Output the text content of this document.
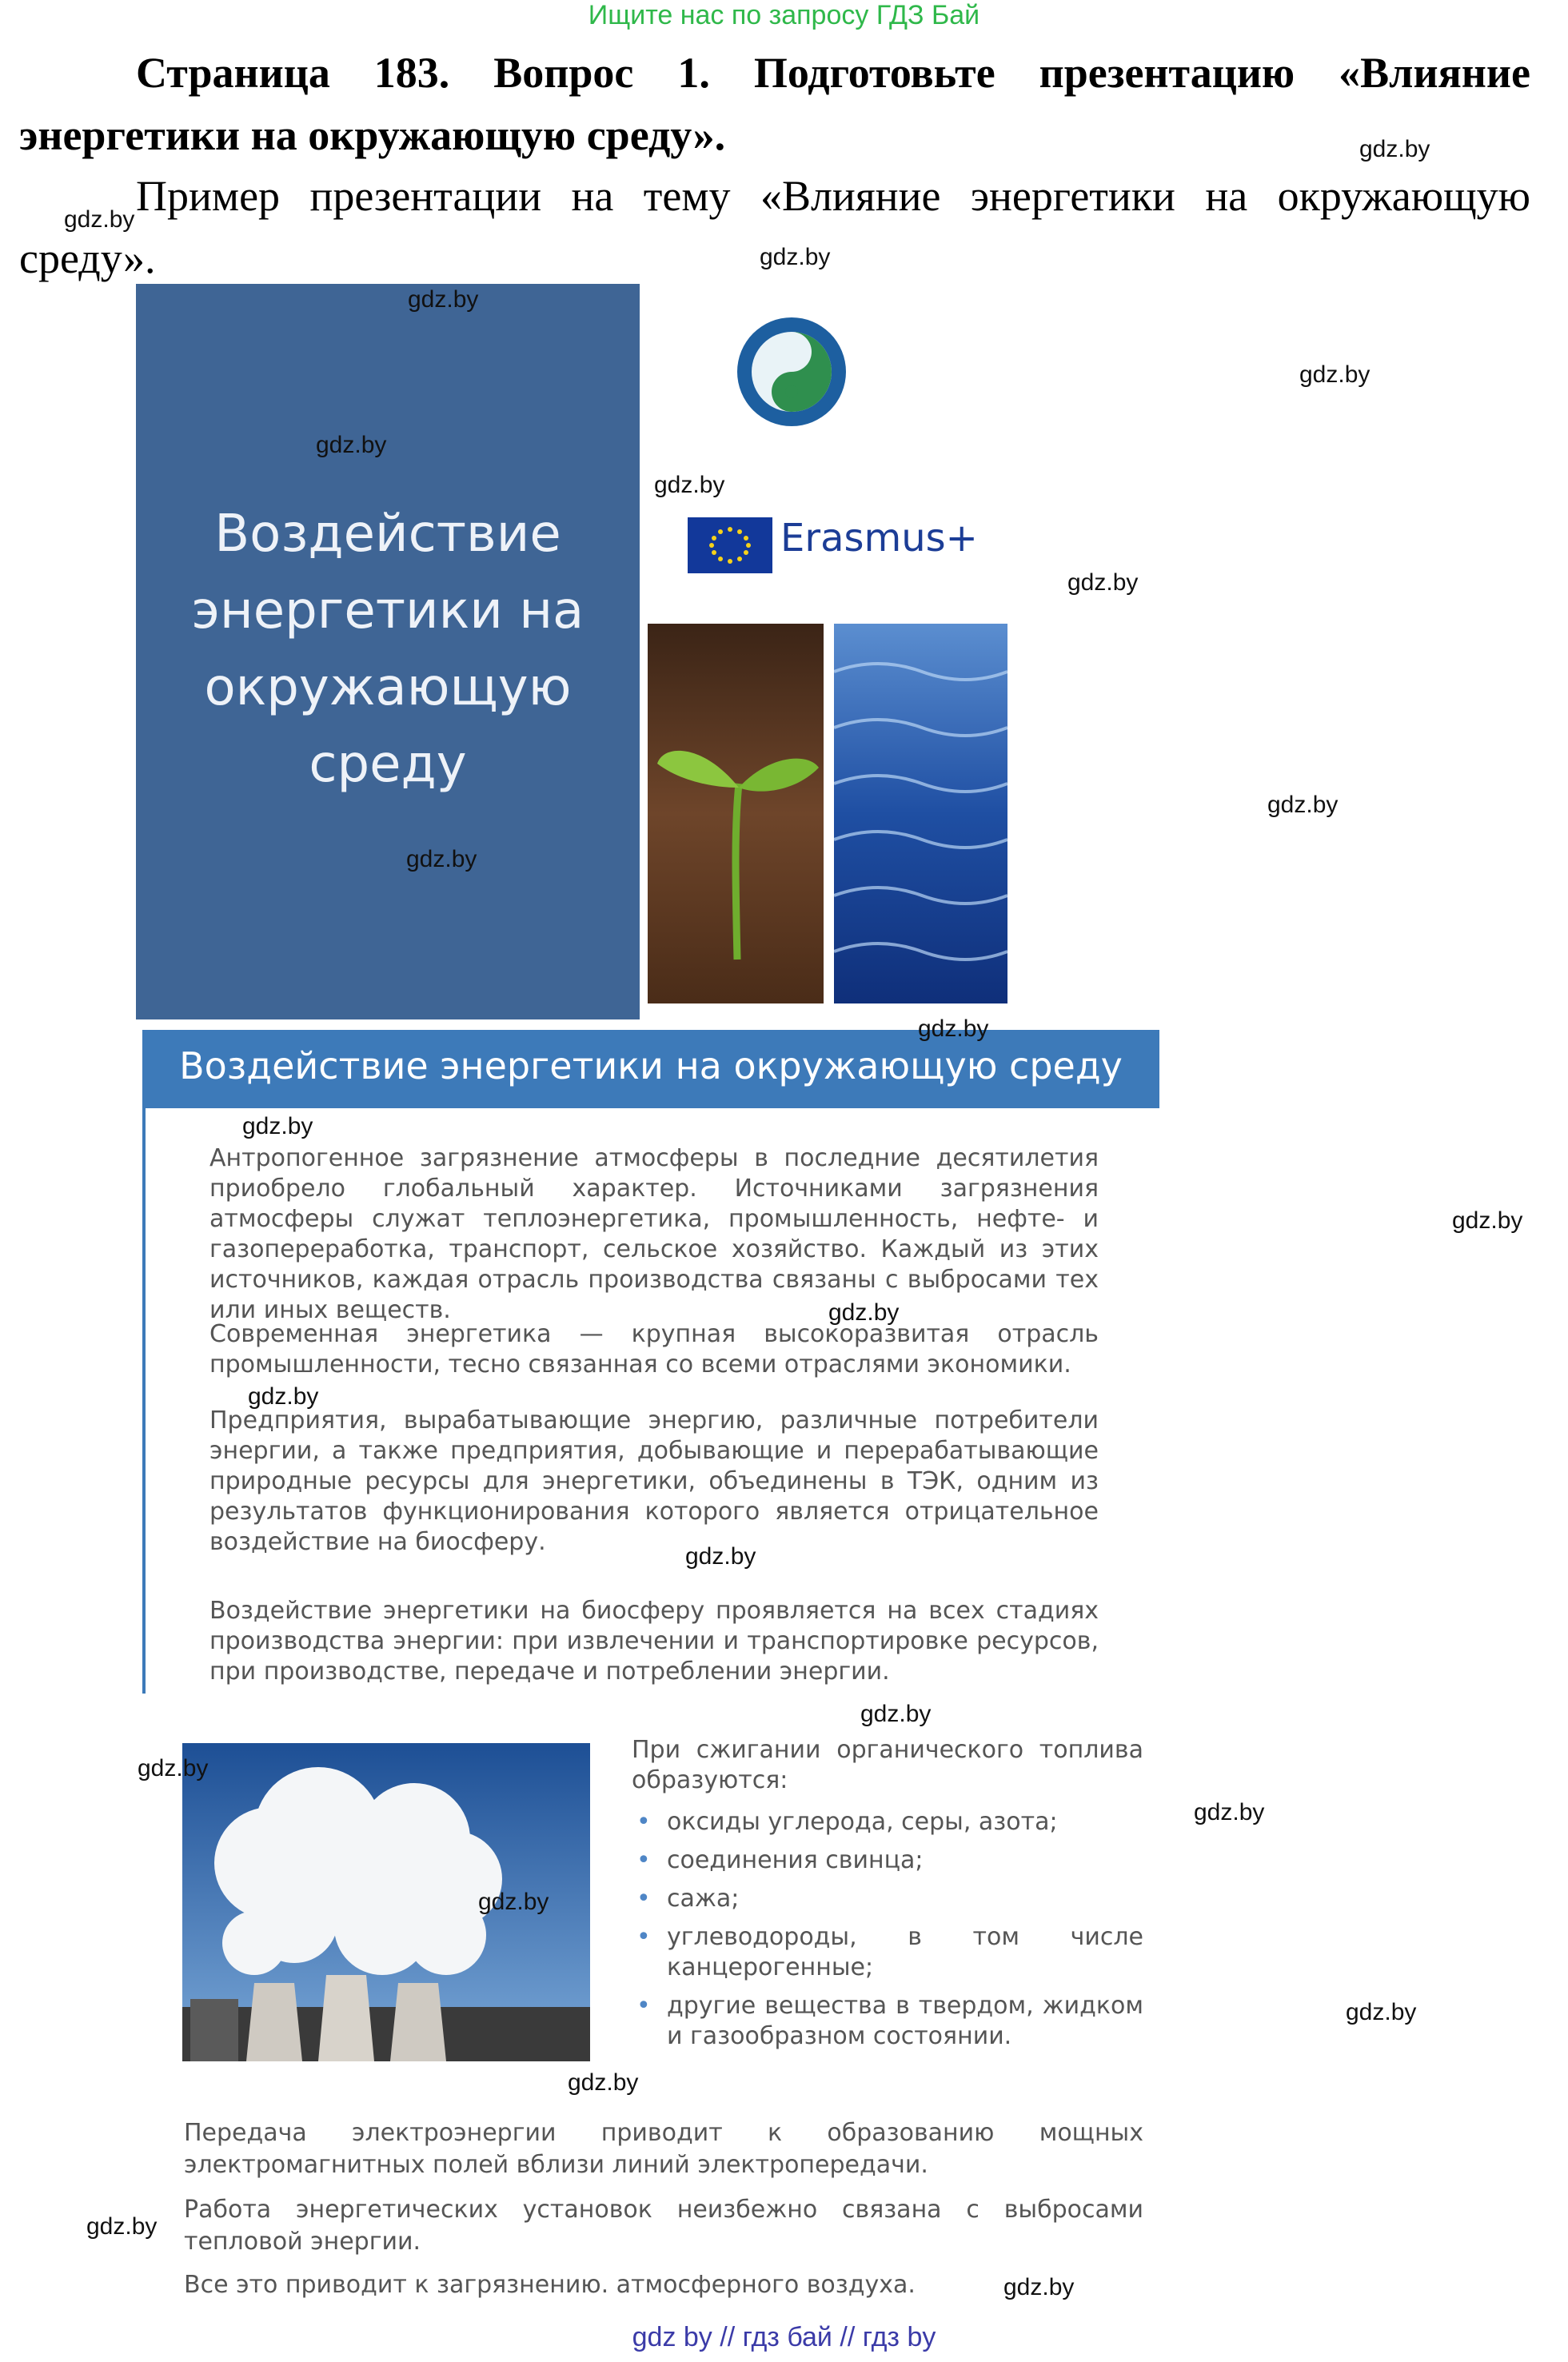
Ищите нас по запросу ГДЗ Бай
Страница 183. Вопрос 1. Подготовьте презентацию «Влияние энергетики на окружающую среду».
Пример презентации на тему «Влияние энергетики на окружающую среду».
Воздействие энергетики на окружающую среду
Erasmus+
Воздействие энергетики на окружающую среду
Антропогенное загрязнение атмосферы в последние десятилетия приобрело глобальный характер. Источниками загрязнения атмосферы служат теплоэнергетика, промышленность, нефте- и газопереработка, транспорт, сельское хозяйство. Каждый из этих источников, каждая отрасль производства связаны с выбросами тех или иных веществ.
Современная энергетика — крупная высокоразвитая отрасль промышленности, тесно связанная со всеми отраслями экономики.
Предприятия, вырабатывающие энергию, различные потребители энергии, а также предприятия, добывающие и перерабатывающие природные ресурсы для энергетики, объединены в ТЭК, одним из результатов функционирования которого является отрицательное воздействие на биосферу.
Воздействие энергетики на биосферу проявляется на всех стадиях производства энергии: при извлечении и транспортировке ресурсов, при производстве, передаче и потреблении энергии.
При сжигании органического топлива образуются:
• оксиды углерода, серы, азота;
• соединения свинца;
• сажа;
• углеводороды, в том числе канцерогенные;
• другие вещества в твердом, жидком и газообразном состоянии.
Передача электроэнергии приводит к образованию мощных электромагнитных полей вблизи линий электропередачи.
Работа энергетических установок неизбежно связана с выбросами тепловой энергии.
Все это приводит к загрязнению. атмосферного воздуха.
gdz.by
gdz.by
gdz.by
gdz.by
gdz.by
gdz.by
gdz.by
gdz.by
gdz.by
gdz.by
gdz.by
gdz.by
gdz.by
gdz.by
gdz.by
gdz.by
gdz.by
gdz.by
gdz.by
gdz.by
gdz.by
gdz.by
gdz.by
gdz.by
gdz by // гдз бай // гдз by
